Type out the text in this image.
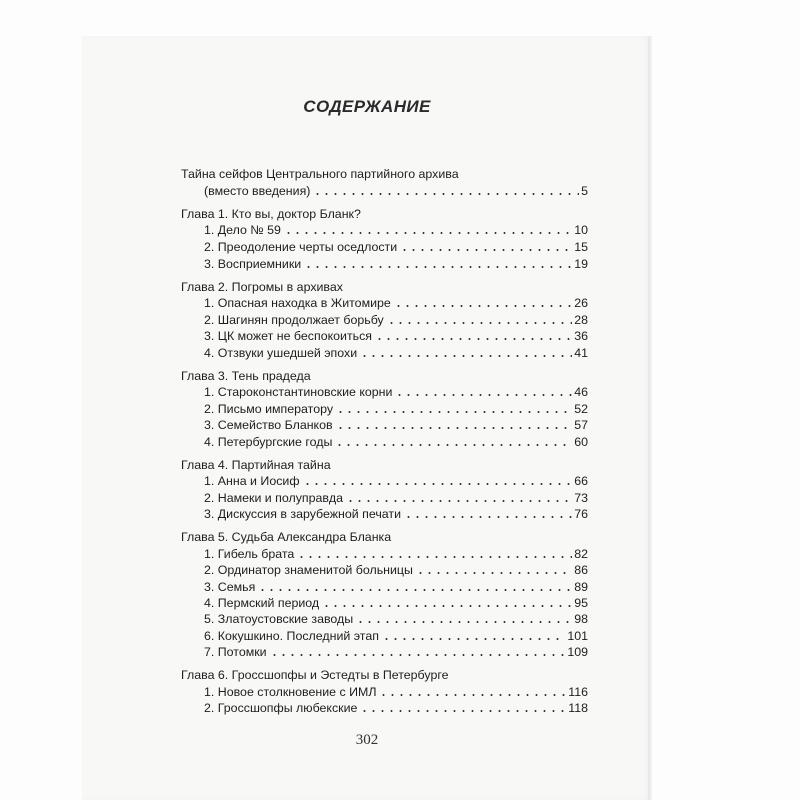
СОДЕРЖАНИЕ
Тайна сейфов Центрального партийного архива
(вместо введения)	5
Глава 1. Кто вы, доктор Бланк?
1. Дело № 59	10
2. Преодоление черты оседлости	15
3. Восприемники	19
Глава 2. Погромы в архивах
1. Опасная находка в Житомире	26
2. Шагинян продолжает борьбу	28
3. ЦК может не беспокоиться	36
4. Отзвуки ушедшей эпохи	41
Глава 3. Тень прадеда
1. Староконстантиновские корни	46
2. Письмо императору	52
3. Семейство Бланков	57
4. Петербургские годы	60
Глава 4. Партийная тайна
1. Анна и Иосиф	66
2. Намеки и полуправда	73
3. Дискуссия в зарубежной печати	76
Глава 5. Судьба Александра Бланка
1. Гибель брата	82
2. Ординатор знаменитой больницы	86
3. Семья	89
4. Пермский период	95
5. Златоустовские заводы	98
6. Кокушкино. Последний этап	101
7. Потомки	109
Глава 6. Гроссшопфы и Эстедты в Петербурге
1. Новое столкновение с ИМЛ	116
2. Гроссшопфы любекские	118
302
